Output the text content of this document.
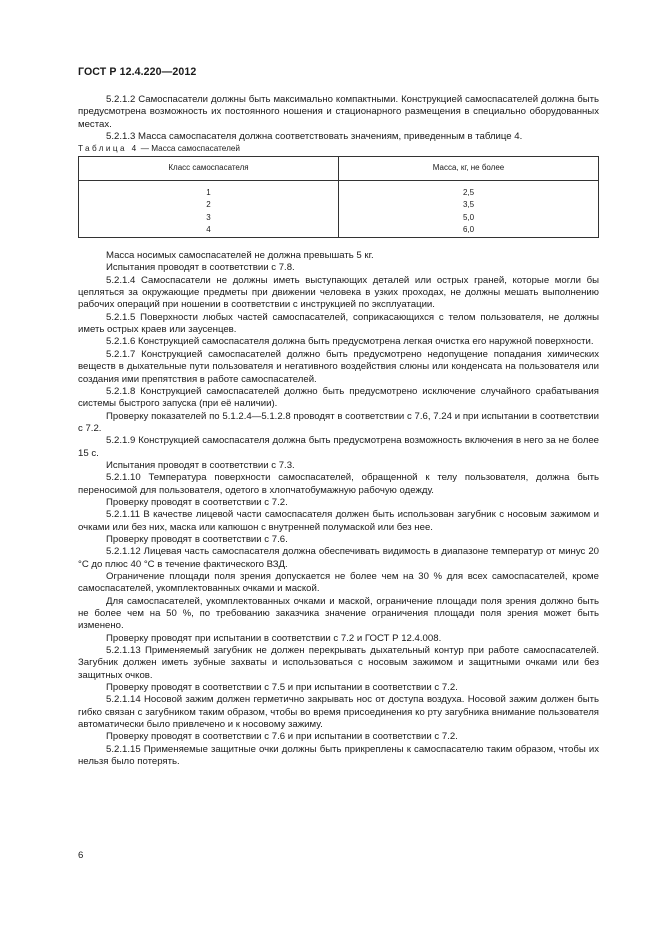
ГОСТ Р 12.4.220—2012

5.2.1.2 Самоспасатели должны быть максимально компактными. Конструкцией самоспасателей должна быть предусмотрена возможность их постоянного ношения и стационарного размещения в специально оборудованных местах.

5.2.1.3 Масса самоспасателя должна соответствовать значениям, приведенным в таблице 4.

Таблица 4 — Масса самоспасателей

Класс самоспасателя	Масса, кг, не более
1	2,5
2	3,5
3	5,0
4	6,0

Масса носимых самоспасателей не должна превышать 5 кг.

Испытания проводят в соответствии с 7.8.

5.2.1.4 Самоспасатели не должны иметь выступающих деталей или острых граней, которые могли бы цепляться за окружающие предметы при движении человека в узких проходах, не должны мешать выполнению рабочих операций при ношении в соответствии с инструкцией по эксплуатации.

5.2.1.5 Поверхности любых частей самоспасателей, соприкасающихся с телом пользователя, не должны иметь острых краев или заусенцев.

5.2.1.6 Конструкцией самоспасателя должна быть предусмотрена легкая очистка его наружной поверхности.

5.2.1.7 Конструкцией самоспасателей должно быть предусмотрено недопущение попадания химических веществ в дыхательные пути пользователя и негативного воздействия слюны или конденсата на пользователя или создания ими препятствия в работе самоспасателей.

5.2.1.8 Конструкцией самоспасателей должно быть предусмотрено исключение случайного срабатывания системы быстрого запуска (при её наличии).

Проверку показателей по 5.1.2.4—5.1.2.8 проводят в соответствии с 7.6, 7.24 и при испытании в соответствии с 7.2.

5.2.1.9 Конструкцией самоспасателя должна быть предусмотрена возможность включения в него за не более 15 с.

Испытания проводят в соответствии с 7.3.

5.2.1.10 Температура поверхности самоспасателей, обращенной к телу пользователя, должна быть переносимой для пользователя, одетого в хлопчатобумажную рабочую одежду.

Проверку проводят в соответствии с 7.2.

5.2.1.11 В качестве лицевой части самоспасателя должен быть использован загубник с носовым зажимом и очками или без них, маска или капюшон с внутренней полумаской или без нее.

Проверку проводят в соответствии с 7.6.

5.2.1.12 Лицевая часть самоспасателя должна обеспечивать видимость в диапазоне температур от минус 20 °С до плюс 40 °С в течение фактического ВЗД.

Ограничение площади поля зрения допускается не более чем на 30 % для всех самоспасателей, кроме самоспасателей, укомплектованных очками и маской.

Для самоспасателей, укомплектованных очками и маской, ограничение площади поля зрения должно быть не более чем на 50 %, по требованию заказчика значение ограничения площади поля зрения может быть изменено.

Проверку проводят при испытании в соответствии с 7.2 и ГОСТ Р 12.4.008.

5.2.1.13 Применяемый загубник не должен перекрывать дыхательный контур при работе самоспасателей. Загубник должен иметь зубные захваты и использоваться с носовым зажимом и защитными очками или без защитных очков.

Проверку проводят в соответствии с 7.5 и при испытании в соответствии с 7.2.

5.2.1.14 Носовой зажим должен герметично закрывать нос от доступа воздуха. Носовой зажим должен быть гибко связан с загубником таким образом, чтобы во время присоединения ко рту загубника внимание пользователя автоматически было привлечено и к носовому зажиму.

Проверку проводят в соответствии с 7.6 и при испытании в соответствии с 7.2.

5.2.1.15 Применяемые защитные очки должны быть прикреплены к самоспасателю таким образом, чтобы их нельзя было потерять.

6
